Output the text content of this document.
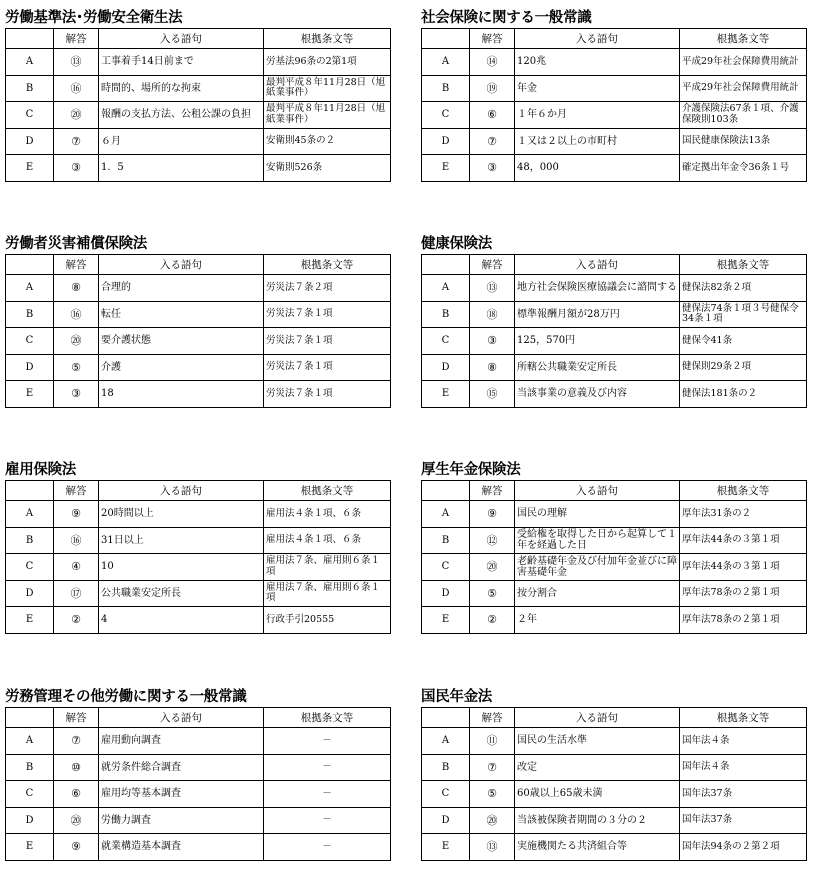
労働基準法･労働安全衛生法
	解答	入る語句	根拠条文等
A	⑬	工事着手14日前まで	労基法96条の2第1項
B	⑯	時間的、場所的な拘束	最判平成８年11月28日（旭紙業事件）
C	⑳	報酬の支払方法、公租公課の負担	最判平成８年11月28日（旭紙業事件）
D	⑦	６月	安衛則45条の２
E	③	1．5	安衛則526条
社会保険に関する一般常識
	解答	入る語句	根拠条文等
A	⑭	120兆	平成29年社会保障費用統計
B	⑲	年金	平成29年社会保障費用統計
C	⑥	１年６か月	介護保険法67条１項、介護保険則103条
D	⑦	１又は２以上の市町村	国民健康保険法13条
E	③	48，000	確定拠出年金令36条１号
労働者災害補償保険法
	解答	入る語句	根拠条文等
A	⑧	合理的	労災法７条２項
B	⑯	転任	労災法７条１項
C	⑳	要介護状態	労災法７条１項
D	⑤	介護	労災法７条１項
E	③	18	労災法７条１項
健康保険法
	解答	入る語句	根拠条文等
A	⑬	地方社会保険医療協議会に諮問する	健保法82条２項
B	⑱	標準報酬月額が28万円	健保法74条１項３号健保令34条１項
C	③	125，570円	健保令41条
D	⑧	所轄公共職業安定所長	健保則29条２項
E	⑮	当該事業の意義及び内容	健保法181条の２
雇用保険法
	解答	入る語句	根拠条文等
A	⑨	20時間以上	雇用法４条１項、６条
B	⑯	31日以上	雇用法４条１項、６条
C	④	10	雇用法７条、雇用則６条１項
D	⑰	公共職業安定所長	雇用法７条、雇用則６条１項
E	②	4	行政手引20555
厚生年金保険法
	解答	入る語句	根拠条文等
A	⑨	国民の理解	厚年法31条の２
B	⑫	受給権を取得した日から起算して１年を経過した日	厚年法44条の３第１項
C	⑳	老齢基礎年金及び付加年金並びに障害基礎年金	厚年法44条の３第１項
D	⑤	按分割合	厚年法78条の２第１項
E	②	２年	厚年法78条の２第１項
労務管理その他労働に関する一般常識
	解答	入る語句	根拠条文等
A	⑦	雇用動向調査	－
B	⑩	就労条件総合調査	－
C	⑥	雇用均等基本調査	－
D	⑳	労働力調査	－
E	⑨	就業構造基本調査	－
国民年金法
	解答	入る語句	根拠条文等
A	⑪	国民の生活水準	国年法４条
B	⑦	改定	国年法４条
C	⑤	60歳以上65歳未満	国年法37条
D	⑳	当該被保険者期間の３分の２	国年法37条
E	⑬	実施機関たる共済組合等	国年法94条の２第２項
